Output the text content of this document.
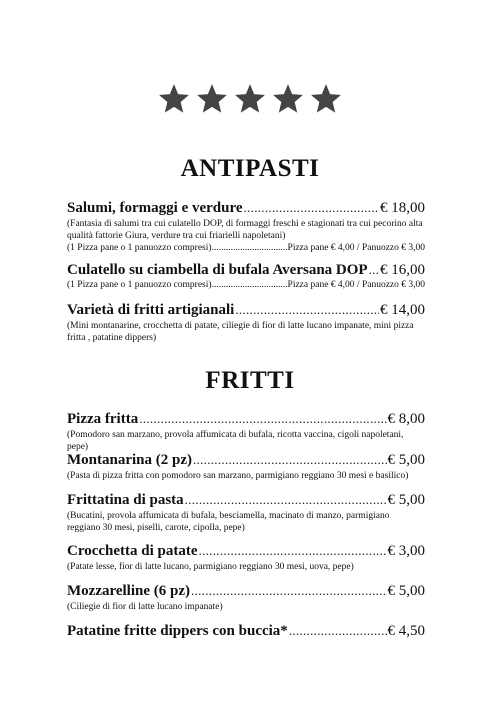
ANTIPASTI
Salumi, formaggi e verdure .....	€ 18,00
(Fantasia di salumi tra cui culatello DOP, di formaggi freschi e stagionati tra cui pecorino alta qualità fattorie Giura, verdure tra cui friarielli napoletani)
(1 Pizza pane o 1 panuozzo compresi) .....	Pizza pane € 4,00 / Panuozzo € 3,00
Culatello su ciambella di bufala Aversana DOP ..... € 16,00
(1 Pizza pane o 1 panuozzo compresi) .....	Pizza pane € 4,00 / Panuozzo € 3,00
Varietà di fritti artigianali .....	€ 14,00
(Mini montanarine, crocchetta di patate, ciliegie di fior di latte lucano impanate, mini pizza fritta , patatine dippers)
FRITTI
Pizza fritta .....	€ 8,00
(Pomodoro san marzano, provola affumicata di bufala, ricotta vaccina, cigoli napoletani, pepe)
Montanarina (2 pz) .....	€ 5,00
(Pasta di pizza fritta con pomodoro san marzano, parmigiano reggiano 30 mesi e basilico)
Frittatina di pasta .....	€ 5,00
(Bucatini, provola affumicata di bufala, besciamella, macinato di manzo, parmigiano reggiano 30 mesi, piselli, carote, cipolla, pepe)
Crocchetta di patate .....	€ 3,00
(Patate lesse, fior di latte lucano, parmigiano reggiano 30 mesi, uova, pepe)
Mozzarelline (6 pz) .....	€ 5,00
(Ciliegie di fior di latte lucano impanate)
Patatine fritte dippers con buccia* .....	€ 4,50
